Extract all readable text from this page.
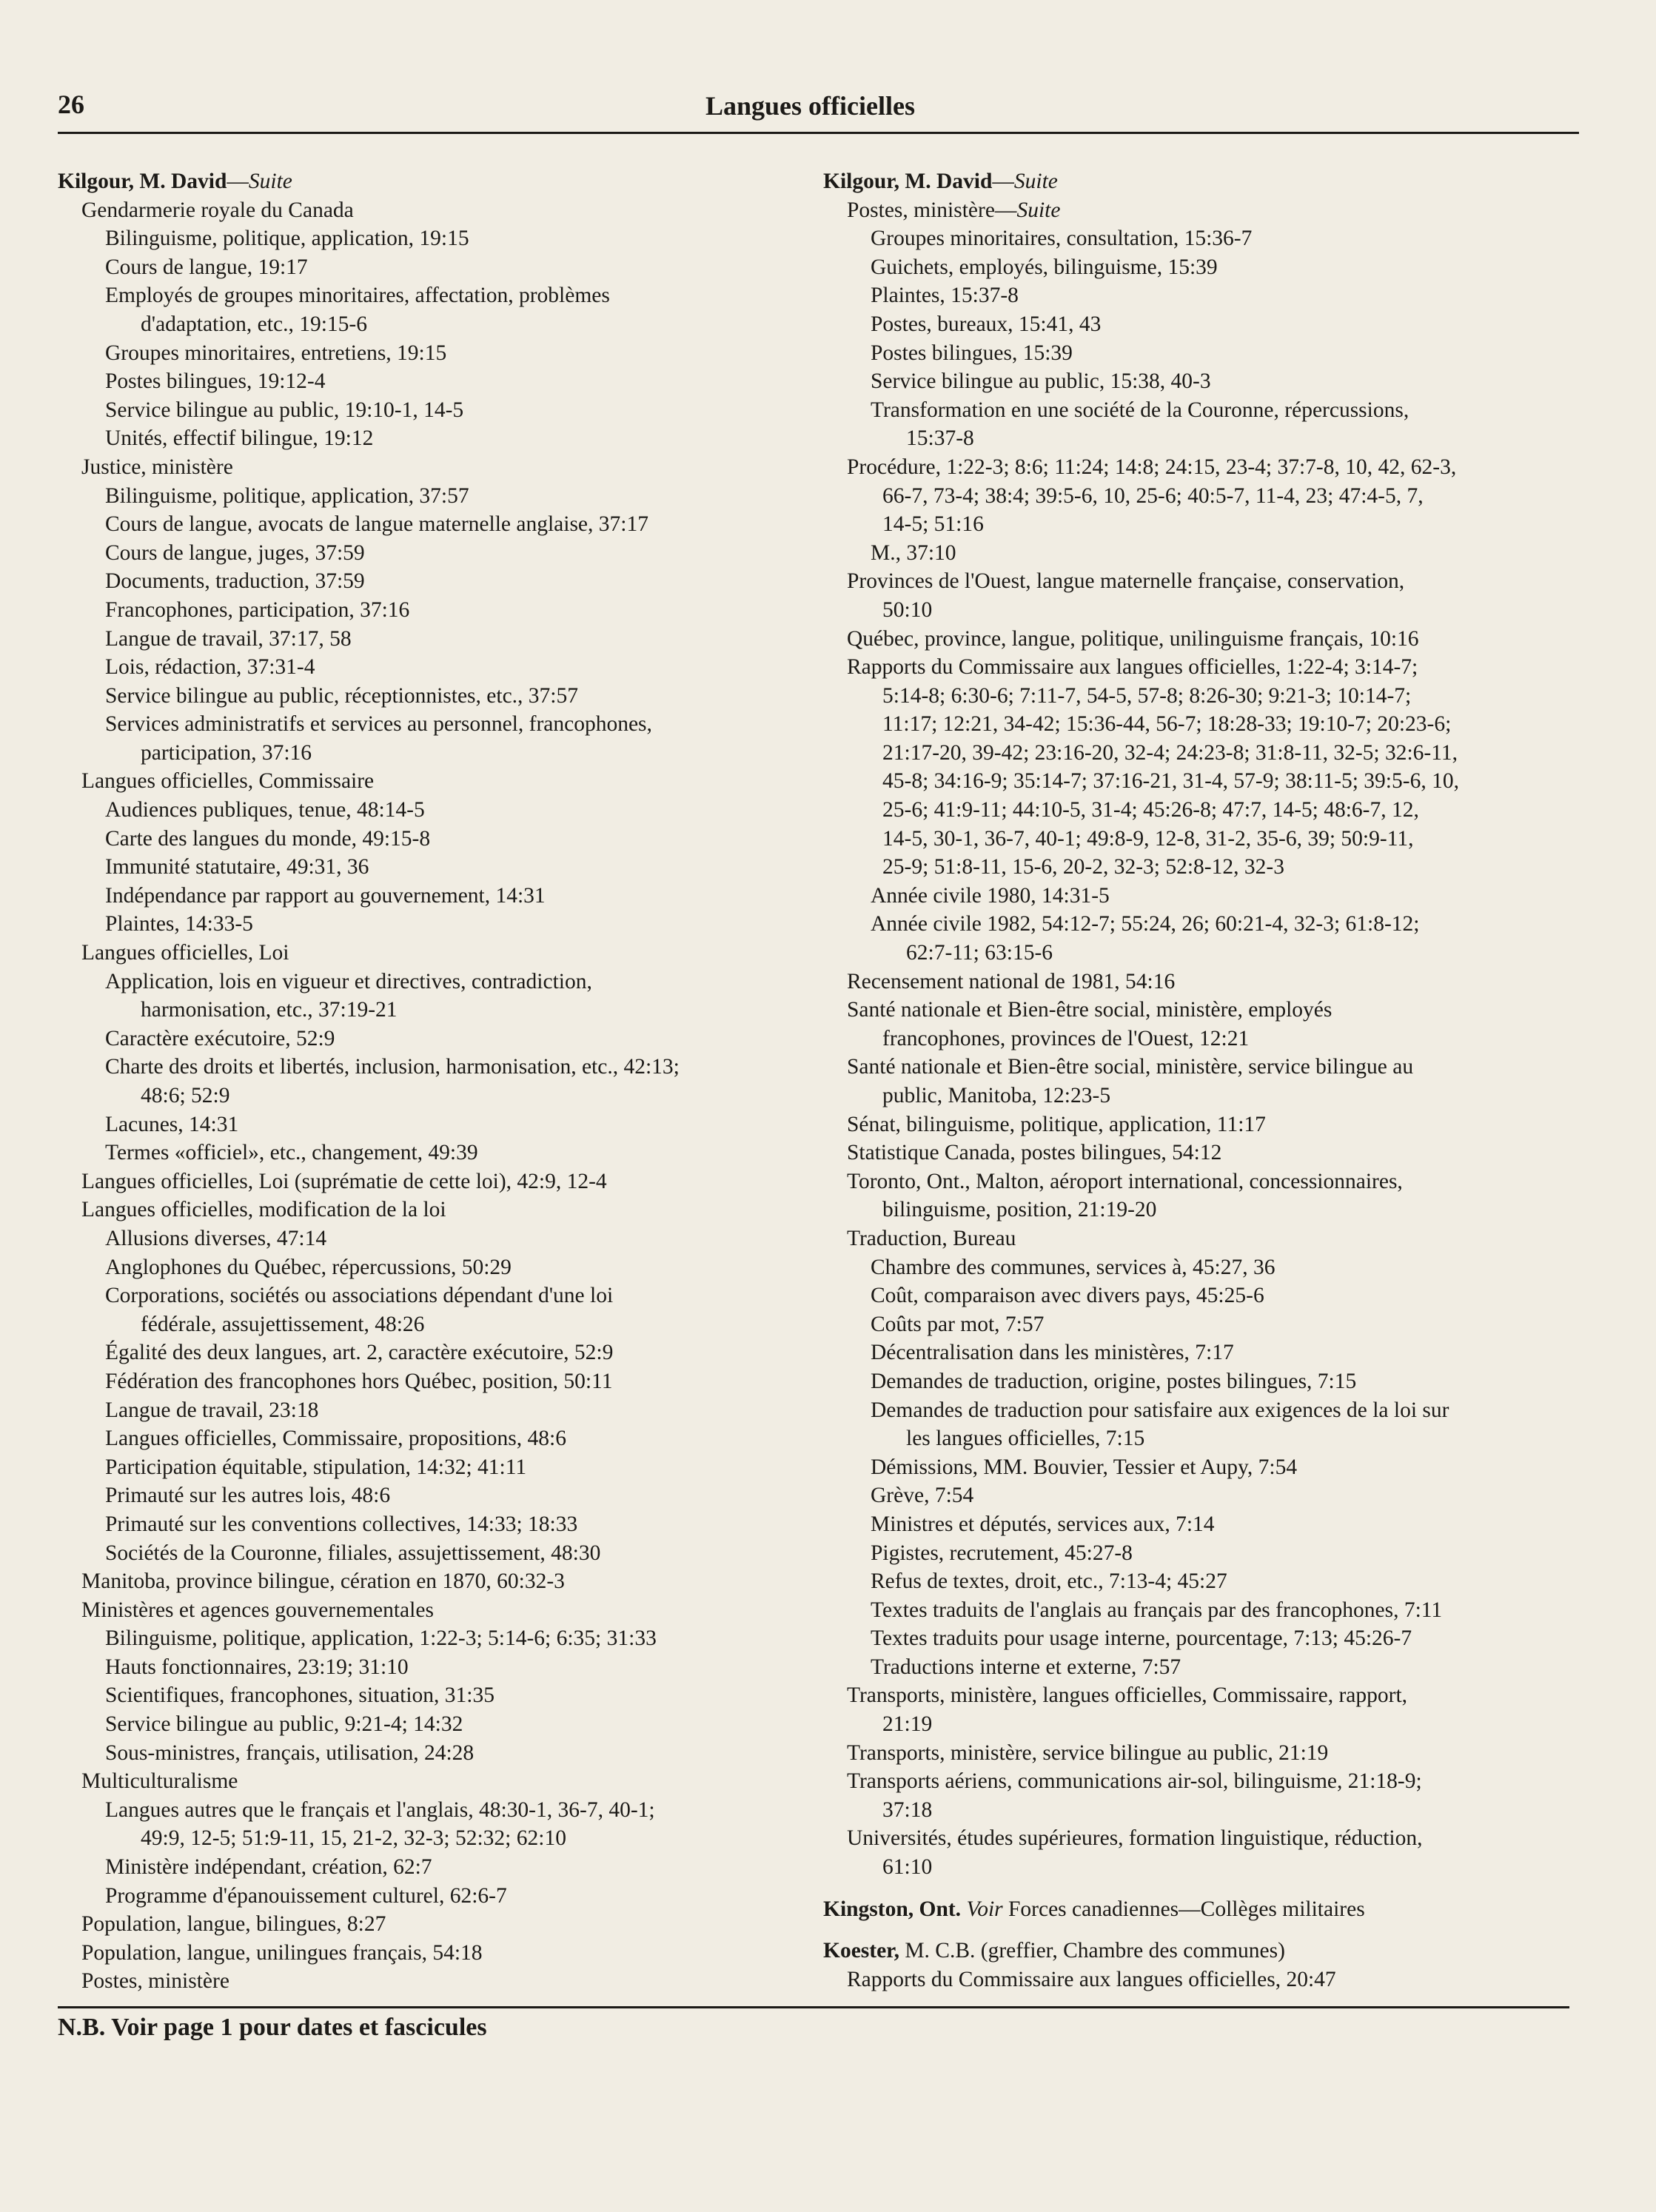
26	Langues officielles

Kilgour, M. David—Suite

Gendarmerie royale du Canada

Bilinguisme, politique, application, 19:15

Cours de langue, 19:17

Employés de groupes minoritaires, affectation, problèmes
d'adaptation, etc., 19:15-6

Groupes minoritaires, entretiens, 19:15

Postes bilingues, 19:12-4

Service bilingue au public, 19:10-1, 14-5

Unités, effectif bilingue, 19:12

Justice, ministère

Bilinguisme, politique, application, 37:57

Cours de langue, avocats de langue maternelle anglaise, 37:17

Cours de langue, juges, 37:59

Documents, traduction, 37:59

Francophones, participation, 37:16

Langue de travail, 37:17, 58

Lois, rédaction, 37:31-4

Service bilingue au public, réceptionnistes, etc., 37:57

Services administratifs et services au personnel, francophones,
participation, 37:16

Langues officielles, Commissaire

Audiences publiques, tenue, 48:14-5

Carte des langues du monde, 49:15-8

Immunité statutaire, 49:31, 36

Indépendance par rapport au gouvernement, 14:31

Plaintes, 14:33-5

Langues officielles, Loi

Application, lois en vigueur et directives, contradiction,
harmonisation, etc., 37:19-21

Caractère exécutoire, 52:9

Charte des droits et libertés, inclusion, harmonisation, etc., 42:13;
48:6; 52:9

Lacunes, 14:31

Termes «officiel», etc., changement, 49:39

Langues officielles, Loi (suprématie de cette loi), 42:9, 12-4

Langues officielles, modification de la loi

Allusions diverses, 47:14

Anglophones du Québec, répercussions, 50:29

Corporations, sociétés ou associations dépendant d'une loi
fédérale, assujettissement, 48:26

Égalité des deux langues, art. 2, caractère exécutoire, 52:9

Fédération des francophones hors Québec, position, 50:11

Langue de travail, 23:18

Langues officielles, Commissaire, propositions, 48:6

Participation équitable, stipulation, 14:32; 41:11

Primauté sur les autres lois, 48:6

Primauté sur les conventions collectives, 14:33; 18:33

Sociétés de la Couronne, filiales, assujettissement, 48:30

Manitoba, province bilingue, cération en 1870, 60:32-3

Ministères et agences gouvernementales

Bilinguisme, politique, application, 1:22-3; 5:14-6; 6:35; 31:33

Hauts fonctionnaires, 23:19; 31:10

Scientifiques, francophones, situation, 31:35

Service bilingue au public, 9:21-4; 14:32

Sous-ministres, français, utilisation, 24:28

Multiculturalisme

Langues autres que le français et l'anglais, 48:30-1, 36-7, 40-1;
49:9, 12-5; 51:9-11, 15, 21-2, 32-3; 52:32; 62:10

Ministère indépendant, création, 62:7

Programme d'épanouissement culturel, 62:6-7

Population, langue, bilingues, 8:27

Population, langue, unilingues français, 54:18

Postes, ministère

Kilgour, M. David—Suite

Postes, ministère—Suite

Groupes minoritaires, consultation, 15:36-7

Guichets, employés, bilinguisme, 15:39

Plaintes, 15:37-8

Postes, bureaux, 15:41, 43

Postes bilingues, 15:39

Service bilingue au public, 15:38, 40-3

Transformation en une société de la Couronne, répercussions,
15:37-8

Procédure, 1:22-3; 8:6; 11:24; 14:8; 24:15, 23-4; 37:7-8, 10, 42, 62-3,
66-7, 73-4; 38:4; 39:5-6, 10, 25-6; 40:5-7, 11-4, 23; 47:4-5, 7,
14-5; 51:16

M., 37:10

Provinces de l'Ouest, langue maternelle française, conservation,
50:10

Québec, province, langue, politique, unilinguisme français, 10:16

Rapports du Commissaire aux langues officielles, 1:22-4; 3:14-7;
5:14-8; 6:30-6; 7:11-7, 54-5, 57-8; 8:26-30; 9:21-3; 10:14-7;
11:17; 12:21, 34-42; 15:36-44, 56-7; 18:28-33; 19:10-7; 20:23-6;
21:17-20, 39-42; 23:16-20, 32-4; 24:23-8; 31:8-11, 32-5; 32:6-11,
45-8; 34:16-9; 35:14-7; 37:16-21, 31-4, 57-9; 38:11-5; 39:5-6, 10,
25-6; 41:9-11; 44:10-5, 31-4; 45:26-8; 47:7, 14-5; 48:6-7, 12,
14-5, 30-1, 36-7, 40-1; 49:8-9, 12-8, 31-2, 35-6, 39; 50:9-11,
25-9; 51:8-11, 15-6, 20-2, 32-3; 52:8-12, 32-3

Année civile 1980, 14:31-5

Année civile 1982, 54:12-7; 55:24, 26; 60:21-4, 32-3; 61:8-12;
62:7-11; 63:15-6

Recensement national de 1981, 54:16

Santé nationale et Bien-être social, ministère, employés
francophones, provinces de l'Ouest, 12:21

Santé nationale et Bien-être social, ministère, service bilingue au
public, Manitoba, 12:23-5

Sénat, bilinguisme, politique, application, 11:17

Statistique Canada, postes bilingues, 54:12

Toronto, Ont., Malton, aéroport international, concessionnaires,
bilinguisme, position, 21:19-20

Traduction, Bureau

Chambre des communes, services à, 45:27, 36

Coût, comparaison avec divers pays, 45:25-6

Coûts par mot, 7:57

Décentralisation dans les ministères, 7:17

Demandes de traduction, origine, postes bilingues, 7:15

Demandes de traduction pour satisfaire aux exigences de la loi sur
les langues officielles, 7:15

Démissions, MM. Bouvier, Tessier et Aupy, 7:54

Grève, 7:54

Ministres et députés, services aux, 7:14

Pigistes, recrutement, 45:27-8

Refus de textes, droit, etc., 7:13-4; 45:27

Textes traduits de l'anglais au français par des francophones, 7:11

Textes traduits pour usage interne, pourcentage, 7:13; 45:26-7

Traductions interne et externe, 7:57

Transports, ministère, langues officielles, Commissaire, rapport,
21:19

Transports, ministère, service bilingue au public, 21:19

Transports aériens, communications air-sol, bilinguisme, 21:18-9;
37:18

Universités, études supérieures, formation linguistique, réduction,
61:10

Kingston, Ont. Voir Forces canadiennes—Collèges militaires

Koester, M. C.B. (greffier, Chambre des communes)

Rapports du Commissaire aux langues officielles, 20:47

N.B. Voir page 1 pour dates et fascicules
